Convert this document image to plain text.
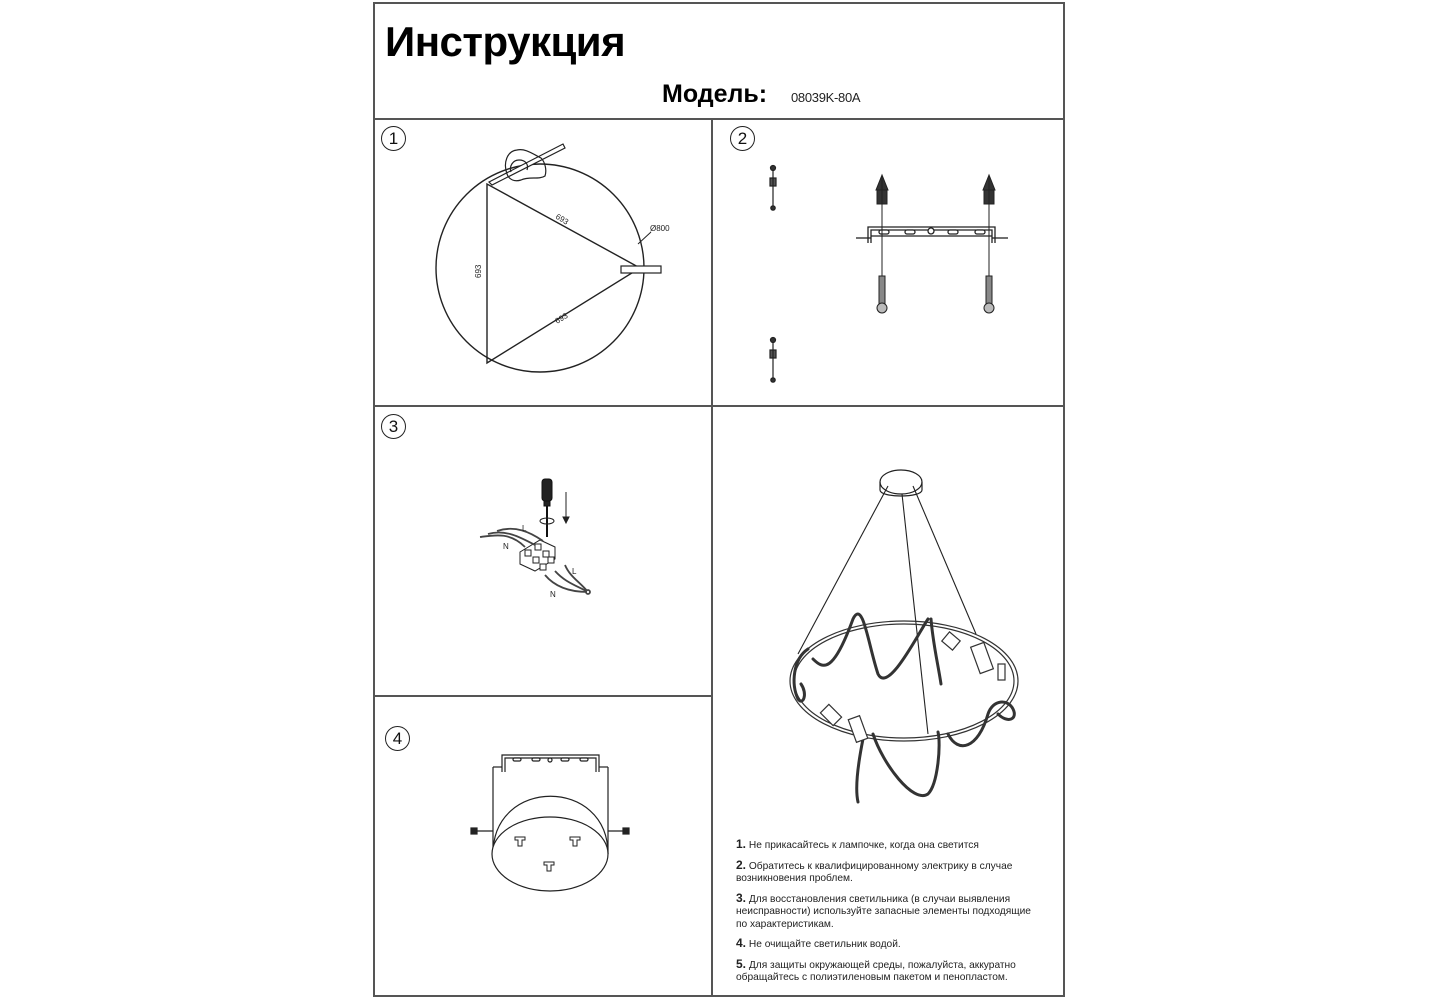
Инструкция
Модель: 08039K-80A
1
Ø800
693
693
693
2
3
L
N
L
N
4
1. Не прикасайтесь к лампочке, когда она светится
2. Обратитесь к квалифицированному электрику в случае возникновения проблем.
3. Для восстановления светильника (в случаи выявления неисправности) используйте запасные элементы подходящие по характеристикам.
4. Не очищайте светильник водой.
5. Для защиты окружающей среды, пожалуйста, аккуратно обращайтесь с полиэтиленовым пакетом и пенопластом.
